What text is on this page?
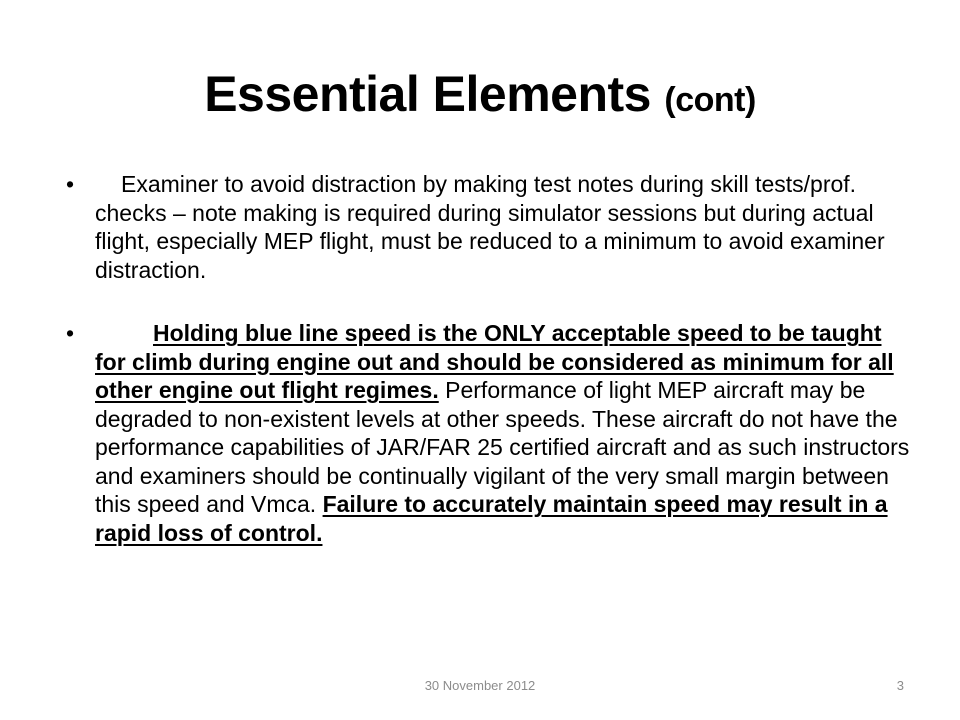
Essential Elements (cont)
• Examiner to avoid distraction by making test notes during skill tests/prof. checks – note making is required during simulator sessions but during actual flight, especially MEP flight, must be reduced to a minimum to avoid examiner distraction.
•	Holding blue line speed is the ONLY acceptable speed to be taught for climb during engine out and should be considered as minimum for all other engine out flight regimes. Performance of light MEP aircraft may be degraded to non-existent levels at other speeds. These aircraft do not have the performance capabilities of JAR/FAR 25 certified aircraft and as such instructors and examiners should be continually vigilant of the very small margin between this speed and Vmca. Failure to accurately maintain speed may result in a rapid loss of control.
30 November 2012	3
